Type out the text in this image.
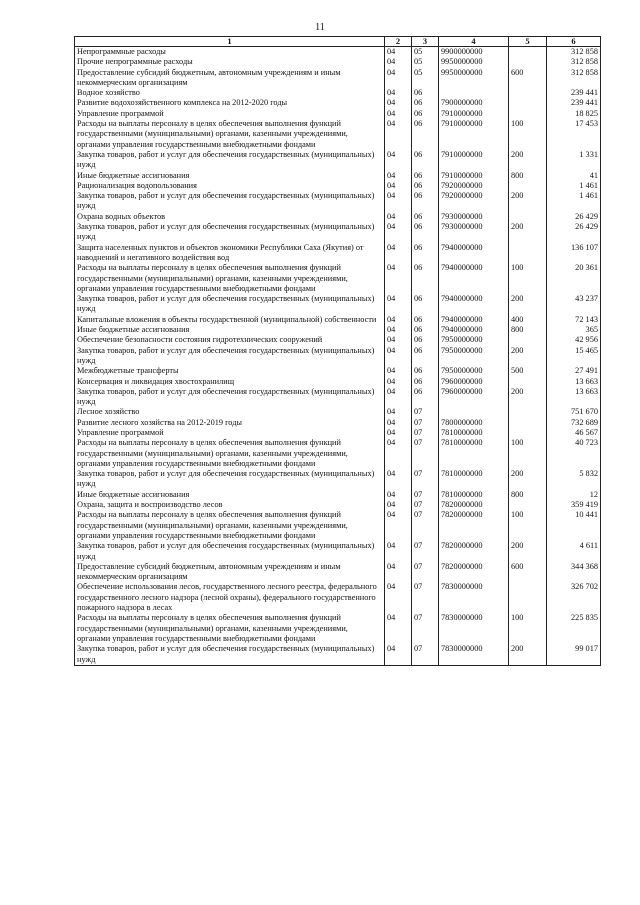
11
1	2	3	4	5	6
Непрограммные расходы	04	05	9900000000		312 858
Прочие непрограммные расходы	04	05	9950000000		312 858
Предоставление субсидий бюджетным, автономным учреждениям и иным некоммерческим организациям	04	05	9950000000	600	312 858
Водное хозяйство	04	06			239 441
Развитие водохозяйственного комплекса на 2012-2020 годы	04	06	7900000000		239 441
Управление программой	04	06	7910000000		18 825
Расходы на выплаты персоналу в целях обеспечения выполнения функций государственными (муниципальными) органами, казенными учреждениями, органами управления государственными внебюджетными фондами	04	06	7910000000	100	17 453
Закупка товаров, работ и услуг для обеспечения государственных (муниципальных) нужд	04	06	7910000000	200	1 331
Иные бюджетные ассигнования	04	06	7910000000	800	41
Рационализация водопользования	04	06	7920000000		1 461
Закупка товаров, работ и услуг для обеспечения государственных (муниципальных) нужд	04	06	7920000000	200	1 461
Охрана водных объектов	04	06	7930000000		26 429
Закупка товаров, работ и услуг для обеспечения государственных (муниципальных) нужд	04	06	7930000000	200	26 429
Защита населенных пунктов и объектов экономики Республики Саха (Якутия) от наводнений и негативного воздействия вод	04	06	7940000000		136 107
Расходы на выплаты персоналу в целях обеспечения выполнения функций государственными (муниципальными) органами, казенными учреждениями, органами управления государственными внебюджетными фондами	04	06	7940000000	100	20 361
Закупка товаров, работ и услуг для обеспечения государственных (муниципальных) нужд	04	06	7940000000	200	43 237
Капитальные вложения в объекты государственной (муниципальной) собственности	04	06	7940000000	400	72 143
Иные бюджетные ассигнования	04	06	7940000000	800	365
Обеспечение безопасности состояния гидротехнических сооружений	04	06	7950000000		42 956
Закупка товаров, работ и услуг для обеспечения государственных (муниципальных) нужд	04	06	7950000000	200	15 465
Межбюджетные трансферты	04	06	7950000000	500	27 491
Консервация и ликвидация хвостохранилищ	04	06	7960000000		13 663
Закупка товаров, работ и услуг для обеспечения государственных (муниципальных) нужд	04	06	7960000000	200	13 663
Лесное хозяйство	04	07			751 670
Развитие лесного хозяйства на 2012-2019 годы	04	07	7800000000		732 689
Управление программой	04	07	7810000000		46 567
Расходы на выплаты персоналу в целях обеспечения выполнения функций государственными (муниципальными) органами, казенными учреждениями, органами управления государственными внебюджетными фондами	04	07	7810000000	100	40 723
Закупка товаров, работ и услуг для обеспечения государственных (муниципальных) нужд	04	07	7810000000	200	5 832
Иные бюджетные ассигнования	04	07	7810000000	800	12
Охрана, защита и воспроизводство лесов	04	07	7820000000		359 419
Расходы на выплаты персоналу в целях обеспечения выполнения функций государственными (муниципальными) органами, казенными учреждениями, органами управления государственными внебюджетными фондами	04	07	7820000000	100	10 441
Закупка товаров, работ и услуг для обеспечения государственных (муниципальных) нужд	04	07	7820000000	200	4 611
Предоставление субсидий бюджетным, автономным учреждениям и иным некоммерческим организациям	04	07	7820000000	600	344 368
Обеспечение использования лесов, государственного лесного реестра, федерального государственного лесного надзора (лесной охраны), федерального государственного пожарного надзора в лесах	04	07	7830000000		326 702
Расходы на выплаты персоналу в целях обеспечения выполнения функций государственными (муниципальными) органами, казенными учреждениями, органами управления государственными внебюджетными фондами	04	07	7830000000	100	225 835
Закупка товаров, работ и услуг для обеспечения государственных (муниципальных) нужд	04	07	7830000000	200	99 017
